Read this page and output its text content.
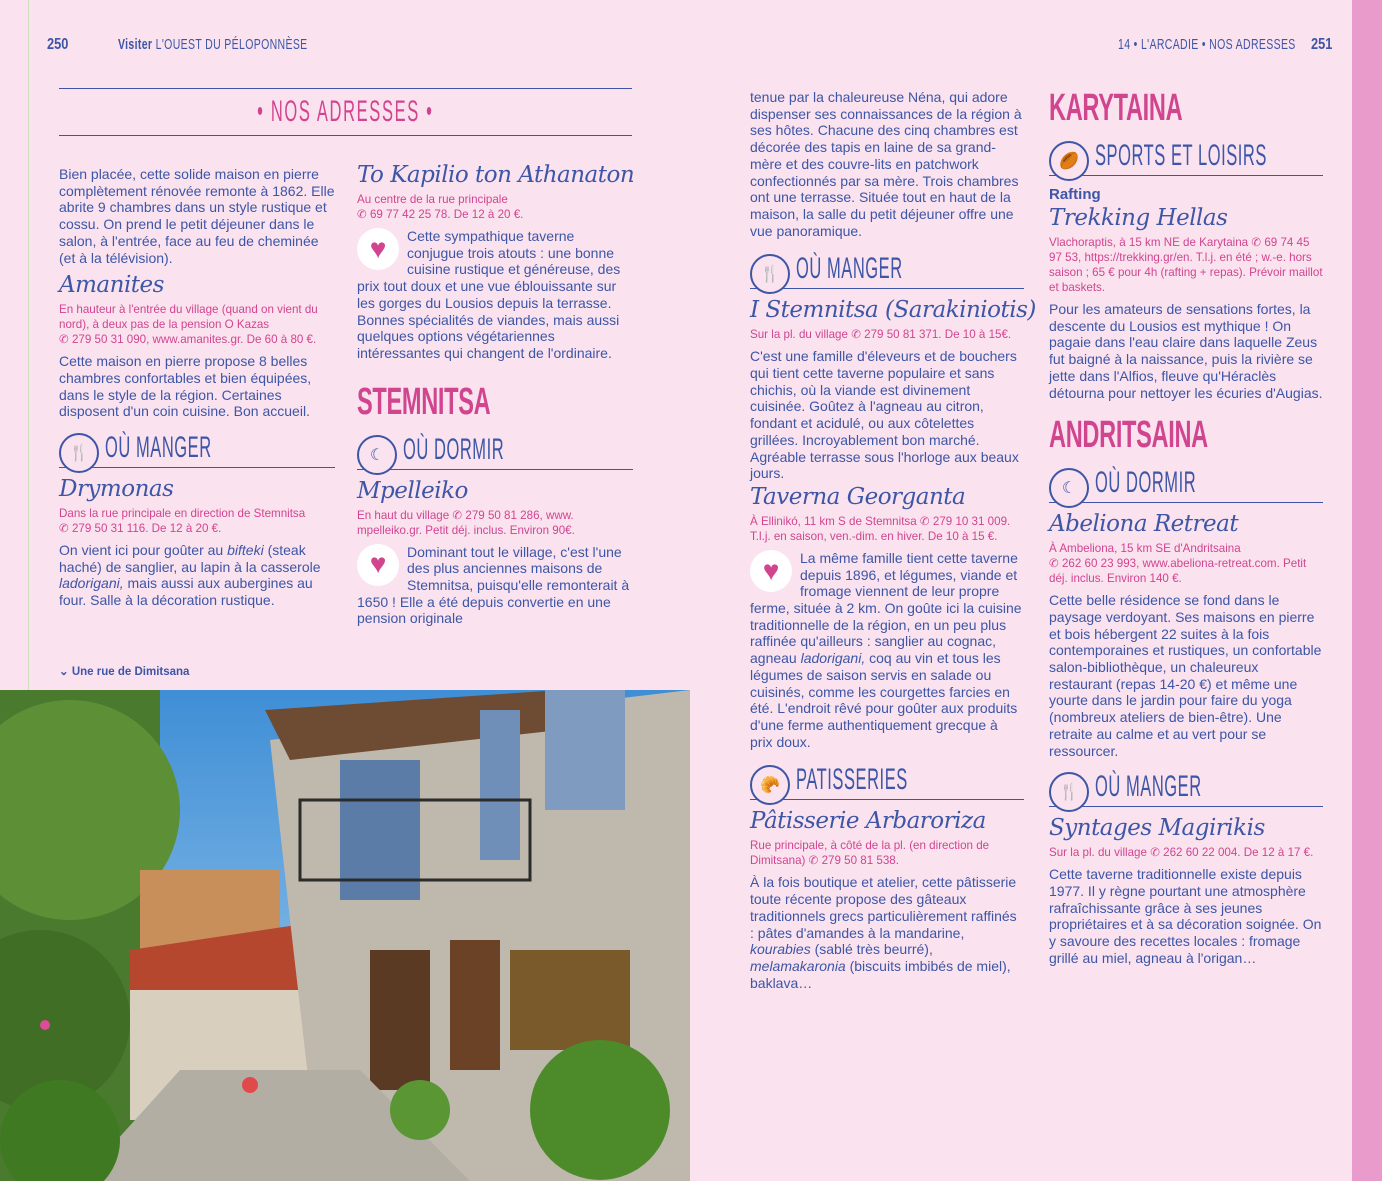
250	Visiter L'OUEST DU PÉLOPONNÈSE	14 • L'ARCADIE • NOS ADRESSES 251
• NOS ADRESSES •

Bien placée, cette solide maison en pierre complètement rénovée remonte à 1862. Elle abrite 9 chambres dans un style rustique et cossu. On prend le petit déjeuner dans le salon, à l'entrée, face au feu de cheminée (et à la télévision).

Amanites
En hauteur à l'entrée du village (quand on vient du nord), à deux pas de la pension O Kazas
✆ 279 50 31 090, www.amanites.gr. De 60 à 80 €.

Cette maison en pierre propose 8 belles chambres confortables et bien équipées, dans le style de la région. Certaines disposent d'un coin cuisine. Bon accueil.

🍴 OÙ MANGER
Drymonas
Dans la rue principale en direction de Stemnitsa
✆ 279 50 31 116. De 12 à 20 €.

On vient ici pour goûter au bifteki (steak haché) de sanglier, au lapin à la casserole ladorigani, mais aussi aux aubergines au four. Salle à la décoration rustique.

⌄ Une rue de Dimitsana
To Kapilio ton Athanaton
Au centre de la rue principale
✆ 69 77 42 25 78. De 12 à 20 €.

♥	Cette sympathique taverne conjugue trois atouts : une bonne cuisine rustique et généreuse, des prix tout doux et une vue éblouissante sur les gorges du Lousios depuis la terrasse. Bonnes spécialités de viandes, mais aussi quelques options végétariennes intéressantes qui changent de l'ordinaire.

STEMNITSA
☾ OÙ DORMIR
Mpelleiko
En haut du village ✆ 279 50 81 286, www. mpelleiko.gr. Petit déj. inclus. Environ 90€.

♥	Dominant tout le village, c'est l'une des plus anciennes maisons de Stemnitsa, puisqu'elle remonterait à 1650 ! Elle a été depuis convertie en une pension originale

tenue par la chaleureuse Néna, qui adore dispenser ses connaissances de la région à ses hôtes. Chacune des cinq chambres est décorée des tapis en laine de sa grand-mère et des couvre-lits en patchwork confectionnés par sa mère. Trois chambres ont une terrasse. Située tout en haut de la maison, la salle du petit déjeuner offre une vue panoramique.

🍴 OÙ MANGER
I Stemnitsa (Sarakiniotis)
Sur la pl. du village ✆ 279 50 81 371. De 10 à 15€.

C'est une famille d'éleveurs et de bouchers qui tient cette taverne populaire et sans chichis, où la viande est divinement cuisinée. Goûtez à l'agneau au citron, fondant et acidulé, ou aux côtelettes grillées. Incroyablement bon marché. Agréable terrasse sous l'horloge aux beaux jours.

Taverna Georganta
À Ellinikó, 11 km S de Stemnitsa ✆ 279 10 31 009. T.l.j. en saison, ven.-dim. en hiver. De 10 à 15 €.

♥	La même famille tient cette taverne depuis 1896, et légumes, viande et fromage viennent de leur propre ferme, située à 2 km. On goûte ici la cuisine traditionnelle de la région, en un peu plus raffinée qu'ailleurs : sanglier au cognac, agneau ladorigani, coq au vin et tous les légumes de saison servis en salade ou cuisinés, comme les courgettes farcies en été. L'endroit rêvé pour goûter aux produits d'une ferme authentiquement grecque à prix doux.

🥐 PATISSERIES
Pâtisserie Arbaroriza
Rue principale, à côté de la pl. (en direction de Dimitsana) ✆ 279 50 81 538.

À la fois boutique et atelier, cette pâtisserie toute récente propose des gâteaux traditionnels grecs particulièrement raffinés : pâtes d'amandes à la mandarine, kourabies (sablé très beurré), melamakaronia (biscuits imbibés de miel), baklava…

KARYTAINA
🏉 SPORTS ET LOISIRS
Rafting
Trekking Hellas
Vlachoraptis, à 15 km NE de Karytaina ✆ 69 74 45 97 53, https://trekking.gr/en. T.l.j. en été ; w.-e. hors saison ; 65 € pour 4h (rafting + repas). Prévoir maillot et baskets.

Pour les amateurs de sensations fortes, la descente du Lousios est mythique ! On pagaie dans l'eau claire dans laquelle Zeus fut baigné à la naissance, puis la rivière se jette dans l'Alfios, fleuve qu'Héraclès détourna pour nettoyer les écuries d'Augias.

ANDRITSAINA
☾ OÙ DORMIR
Abeliona Retreat
À Ambeliona, 15 km SE d'Andritsaina
✆ 262 60 23 993, www.abeliona-retreat.com. Petit déj. inclus. Environ 140 €.

Cette belle résidence se fond dans le paysage verdoyant. Ses maisons en pierre et bois hébergent 22 suites à la fois contemporaines et rustiques, un confortable salon-bibliothèque, un chaleureux restaurant (repas 14-20 €) et même une yourte dans le jardin pour faire du yoga (nombreux ateliers de bien-être). Une retraite au calme et au vert pour se ressourcer.

🍴 OÙ MANGER
Syntages Magirikis
Sur la pl. du village ✆ 262 60 22 004. De 12 à 17 €.

Cette taverne traditionnelle existe depuis 1977. Il y règne pourtant une atmosphère rafraîchissante grâce à ses jeunes propriétaires et à sa décoration soignée. On y savoure des recettes locales : fromage grillé au miel, agneau à l'origan…
